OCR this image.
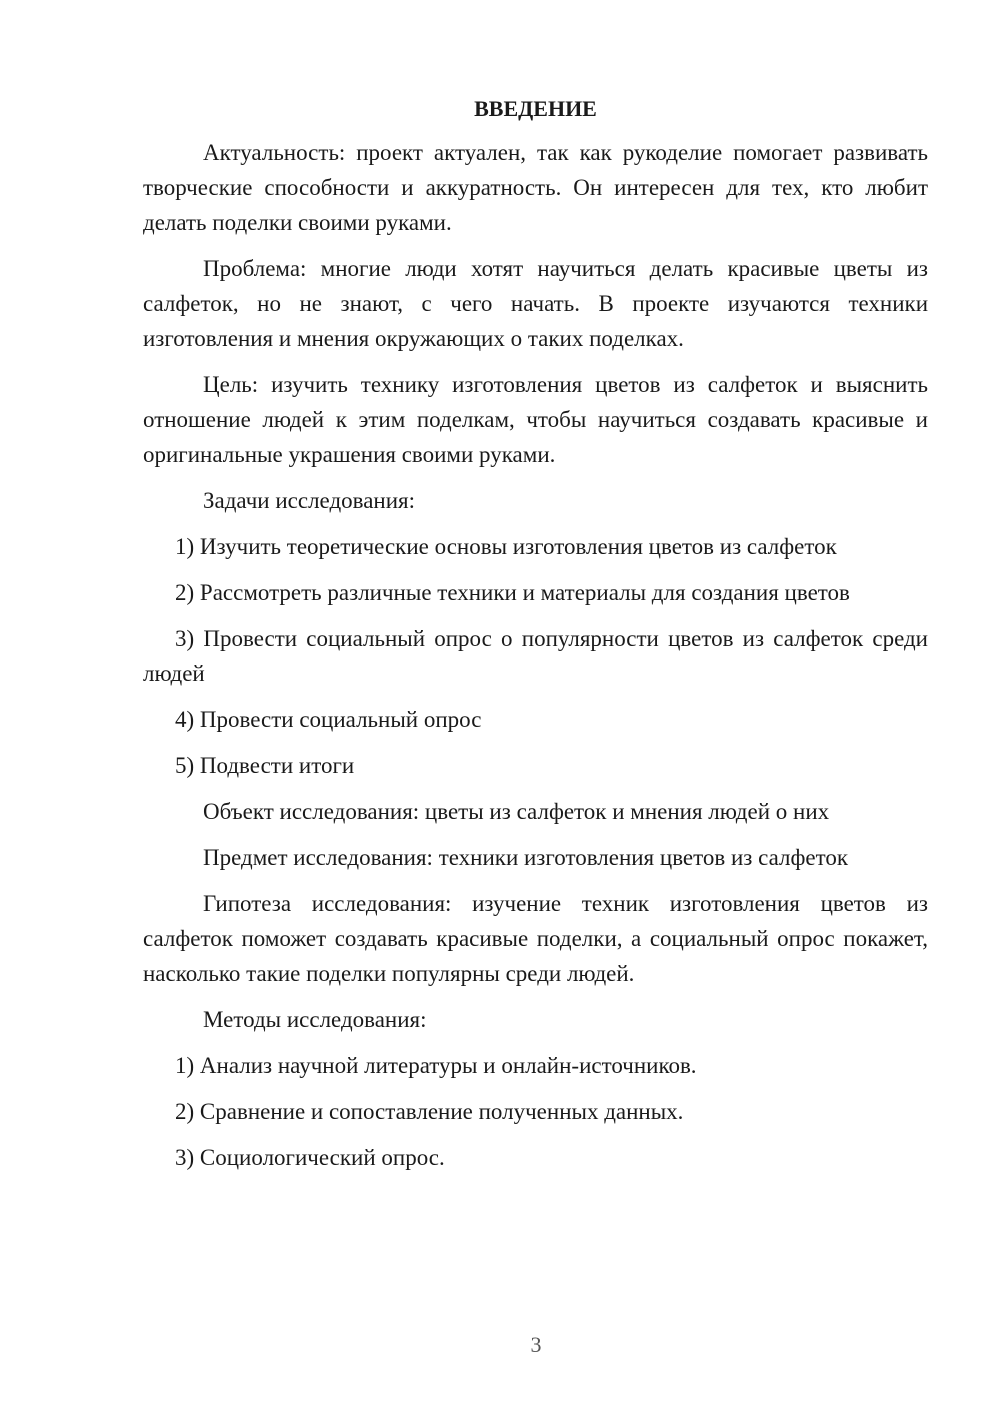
ВВЕДЕНИЕ

Актуальность: проект актуален, так как рукоделие помогает развивать творческие способности и аккуратность. Он интересен для тех, кто любит делать поделки своими руками.

Проблема: многие люди хотят научиться делать красивые цветы из салфеток, но не знают, с чего начать. В проекте изучаются техники изготовления и мнения окружающих о таких поделках.

Цель: изучить технику изготовления цветов из салфеток и выяснить отношение людей к этим поделкам, чтобы научиться создавать красивые и оригинальные украшения своими руками.

Задачи исследования:

1) Изучить теоретические основы изготовления цветов из салфеток

2) Рассмотреть различные техники и материалы для создания цветов

3) Провести социальный опрос о популярности цветов из салфеток среди людей

4) Провести социальный опрос

5) Подвести итоги

Объект исследования: цветы из салфеток и мнения людей о них

Предмет исследования: техники изготовления цветов из салфеток

Гипотеза исследования: изучение техник изготовления цветов из салфеток поможет создавать красивые поделки, а социальный опрос покажет, насколько такие поделки популярны среди людей.

Методы исследования:

1) Анализ научной литературы и онлайн-источников.

2) Сравнение и сопоставление полученных данных.

3) Социологический опрос.

3
